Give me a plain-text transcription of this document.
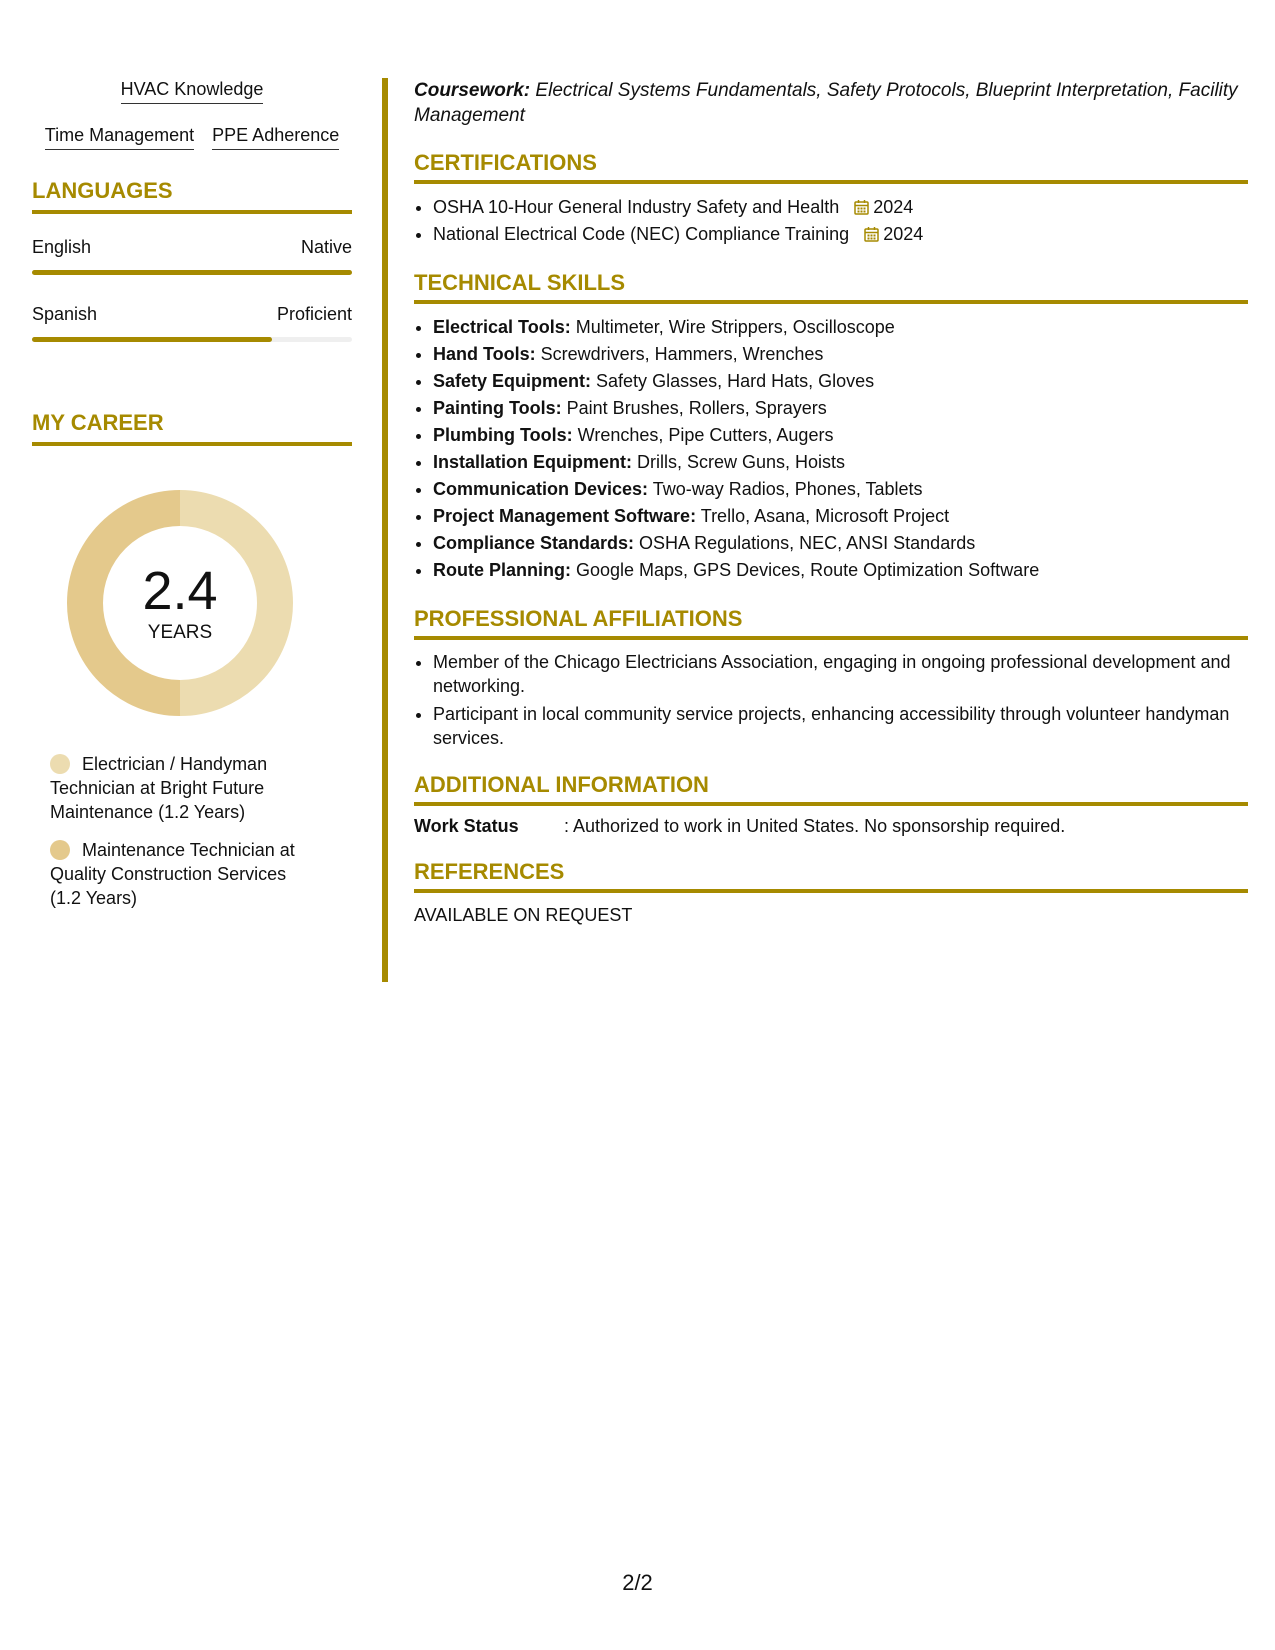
HVAC Knowledge
Time Management PPE Adherence
LANGUAGES
English	Native
Spanish	Proficient
MY CAREER
2.4
YEARS
Electrician / Handyman Technician at Bright Future Maintenance (1.2 Years)
Maintenance Technician at Quality Construction Services (1.2 Years)
Coursework: Electrical Systems Fundamentals, Safety Protocols, Blueprint Interpretation, Facility Management
CERTIFICATIONS
• OSHA 10-Hour General Industry Safety and Health 2024
• National Electrical Code (NEC) Compliance Training 2024
TECHNICAL SKILLS
• Electrical Tools: Multimeter, Wire Strippers, Oscilloscope
• Hand Tools: Screwdrivers, Hammers, Wrenches
• Safety Equipment: Safety Glasses, Hard Hats, Gloves
• Painting Tools: Paint Brushes, Rollers, Sprayers
• Plumbing Tools: Wrenches, Pipe Cutters, Augers
• Installation Equipment: Drills, Screw Guns, Hoists
• Communication Devices: Two-way Radios, Phones, Tablets
• Project Management Software: Trello, Asana, Microsoft Project
• Compliance Standards: OSHA Regulations, NEC, ANSI Standards
• Route Planning: Google Maps, GPS Devices, Route Optimization Software
PROFESSIONAL AFFILIATIONS
• Member of the Chicago Electricians Association, engaging in ongoing professional development and networking.
• Participant in local community service projects, enhancing accessibility through volunteer handyman services.
ADDITIONAL INFORMATION
Work Status	: Authorized to work in United States. No sponsorship required.
REFERENCES
AVAILABLE ON REQUEST
2/2
